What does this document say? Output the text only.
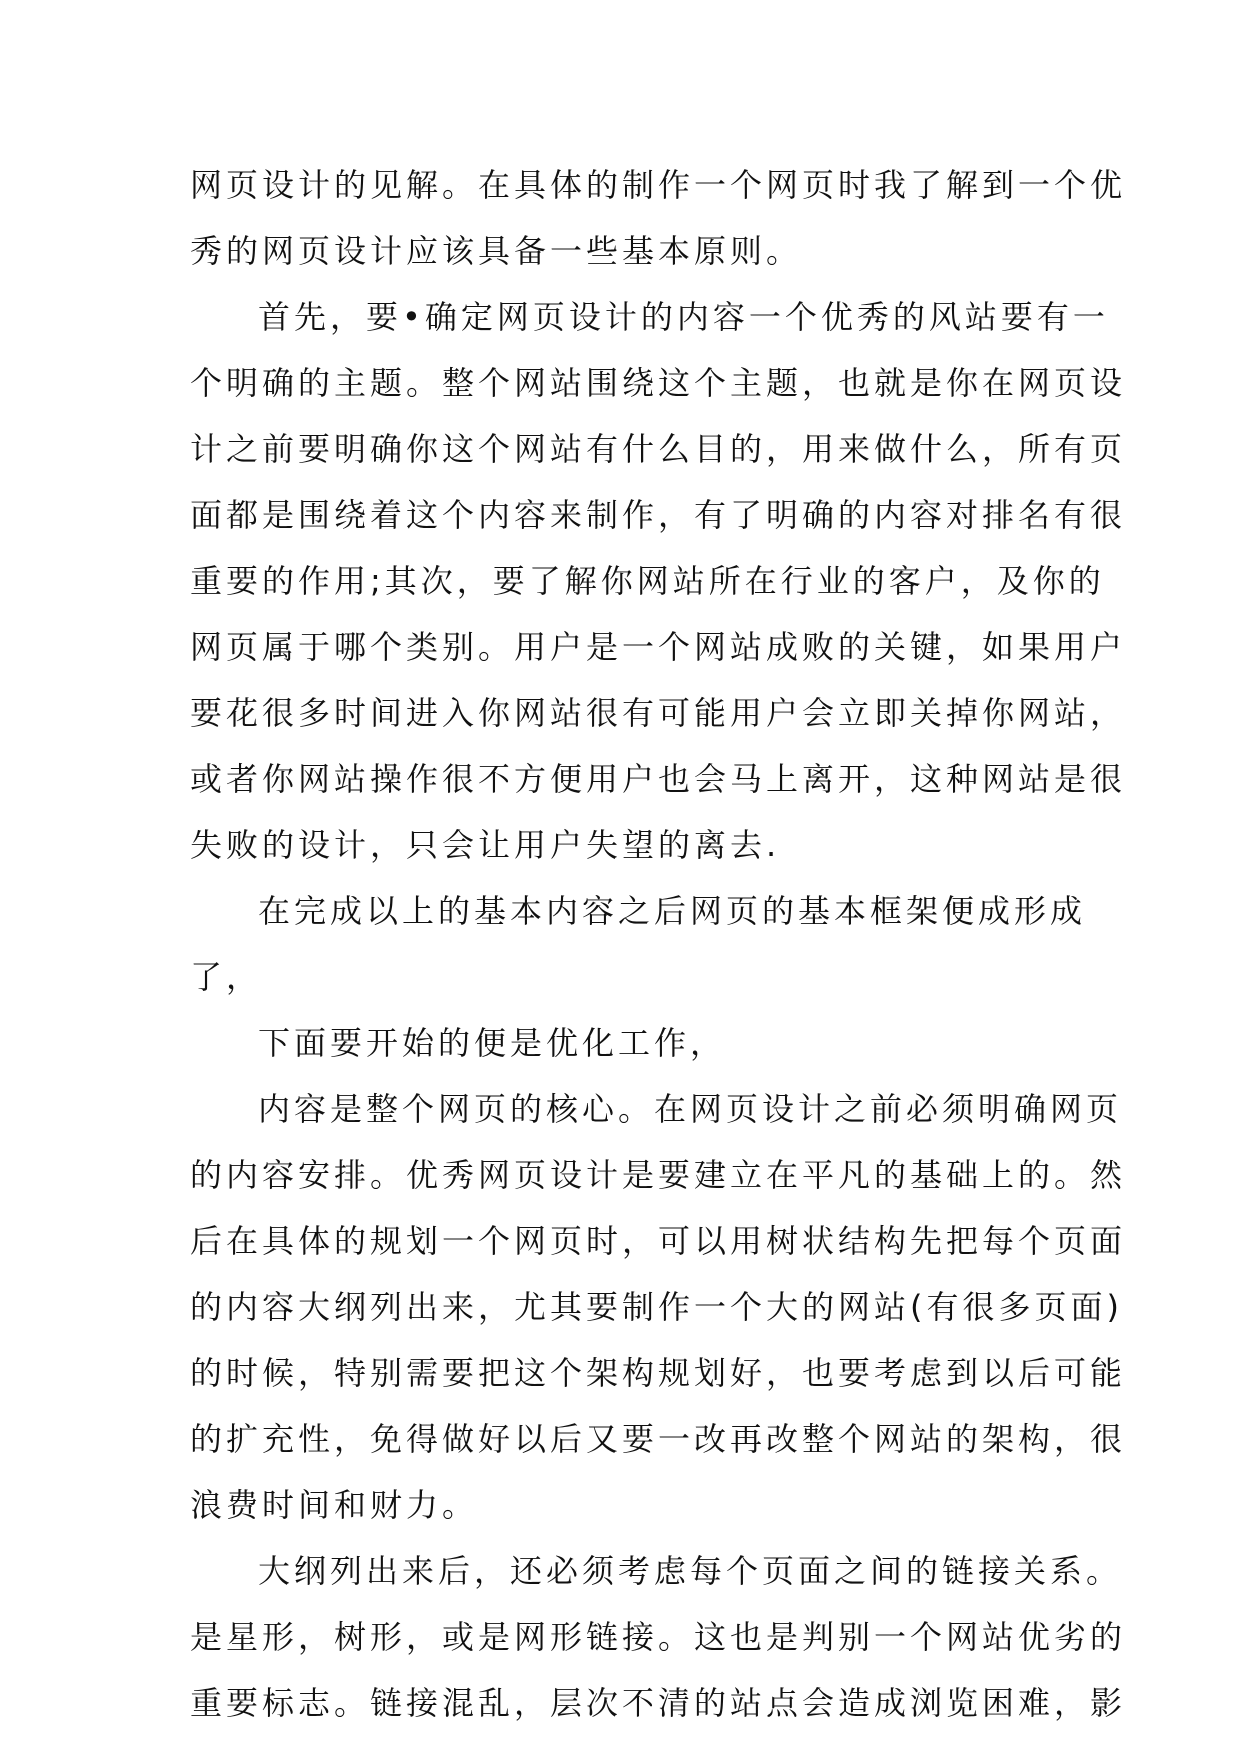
网页设计的见解。在具体的制作一个网页时我了解到一个优
秀的网页设计应该具备一些基本原则。
首先，要•确定网页设计的内容一个优秀的风站要有一
个明确的主题。整个网站围绕这个主题，也就是你在网页设
计之前要明确你这个网站有什么目的，用来做什么，所有页
面都是围绕着这个内容来制作，有了明确的内容对排名有很
重要的作用;其次，要了解你网站所在行业的客户，及你的
网页属于哪个类别。用户是一个网站成败的关键，如果用户
要花很多时间进入你网站很有可能用户会立即关掉你网站，
或者你网站操作很不方便用户也会马上离开，这种网站是很
失败的设计，只会让用户失望的离去.
在完成以上的基本内容之后网页的基本框架便成形成
了，
下面要开始的便是优化工作，
内容是整个网页的核心。在网页设计之前必须明确网页
的内容安排。优秀网页设计是要建立在平凡的基础上的。然
后在具体的规划一个网页时，可以用树状结构先把每个页面
的内容大纲列出来，尤其要制作一个大的网站(有很多页面)
的时候，特别需要把这个架构规划好，也要考虑到以后可能
的扩充性，免得做好以后又要一改再改整个网站的架构，很
浪费时间和财力。
大纲列出来后，还必须考虑每个页面之间的链接关系。
是星形，树形，或是网形链接。这也是判别一个网站优劣的
重要标志。链接混乱，层次不清的站点会造成浏览困难，影
